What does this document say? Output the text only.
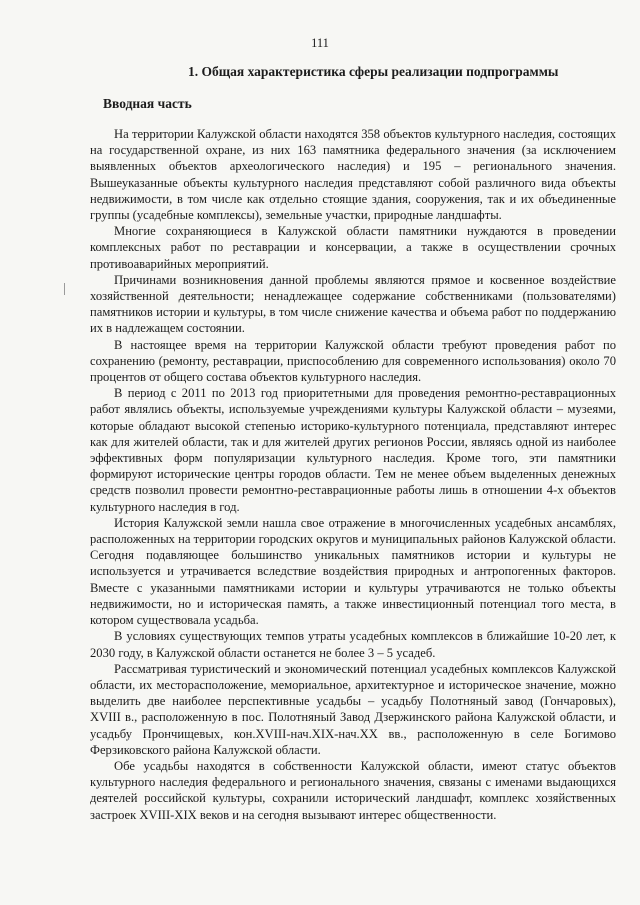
111
1. Общая характеристика сферы реализации подпрограммы
Вводная часть

На территории Калужской области находятся 358 объектов культурного наследия, состоящих на государственной охране, из них 163 памятника федерального значения (за исключением выявленных объектов археологического наследия) и 195 – регионального значения. Вышеуказанные объекты культурного наследия представляют собой различного вида объекты недвижимости, в том числе как отдельно стоящие здания, сооружения, так и их объединенные группы (усадебные комплексы), земельные участки, природные ландшафты.

Многие сохраняющиеся в Калужской области памятники нуждаются в проведении комплексных работ по реставрации и консервации, а также в осуществлении срочных противоаварийных мероприятий.

Причинами возникновения данной проблемы являются прямое и косвенное воздействие хозяйственной деятельности; ненадлежащее содержание собственниками (пользователями) памятников истории и культуры, в том числе снижение качества и объема работ по поддержанию их в надлежащем состоянии.

В настоящее время на территории Калужской области требуют проведения работ по сохранению (ремонту, реставрации, приспособлению для современного использования) около 70 процентов от общего состава объектов культурного наследия.

В период с 2011 по 2013 год приоритетными для проведения ремонтно-реставрационных работ являлись объекты, используемые учреждениями культуры Калужской области – музеями, которые обладают высокой степенью историко-культурного потенциала, представляют интерес как для жителей области, так и для жителей других регионов России, являясь одной из наиболее эффективных форм популяризации культурного наследия. Кроме того, эти памятники формируют исторические центры городов области. Тем не менее объем выделенных денежных средств позволил провести ремонтно-реставрационные работы лишь в отношении 4-х объектов культурного наследия в год.

История Калужской земли нашла свое отражение в многочисленных усадебных ансамблях, расположенных на территории городских округов и муниципальных районов Калужской области. Сегодня подавляющее большинство уникальных памятников истории и культуры не используется и утрачивается вследствие воздействия природных и антропогенных факторов. Вместе с указанными памятниками истории и культуры утрачиваются не только объекты недвижимости, но и историческая память, а также инвестиционный потенциал того места, в котором существовала усадьба.

В условиях существующих темпов утраты усадебных комплексов в ближайшие 10-20 лет, к 2030 году, в Калужской области останется не более 3 – 5 усадеб.

Рассматривая туристический и экономический потенциал усадебных комплексов Калужской области, их месторасположение, мемориальное, архитектурное и историческое значение, можно выделить две наиболее перспективные усадьбы – усадьбу Полотняный завод (Гончаровых), XVIII в., расположенную в пос. Полотняный Завод Дзержинского района Калужской области, и усадьбу Прончищевых, кон.XVIII-нач.XIX-нач.XX вв., расположенную в селе Богимово Ферзиковского района Калужской области.

Обе усадьбы находятся в собственности Калужской области, имеют статус объектов культурного наследия федерального и регионального значения, связаны с именами выдающихся деятелей российской культуры, сохранили исторический ландшафт, комплекс хозяйственных застроек XVIII-XIX веков и на сегодня вызывают интерес общественности.
